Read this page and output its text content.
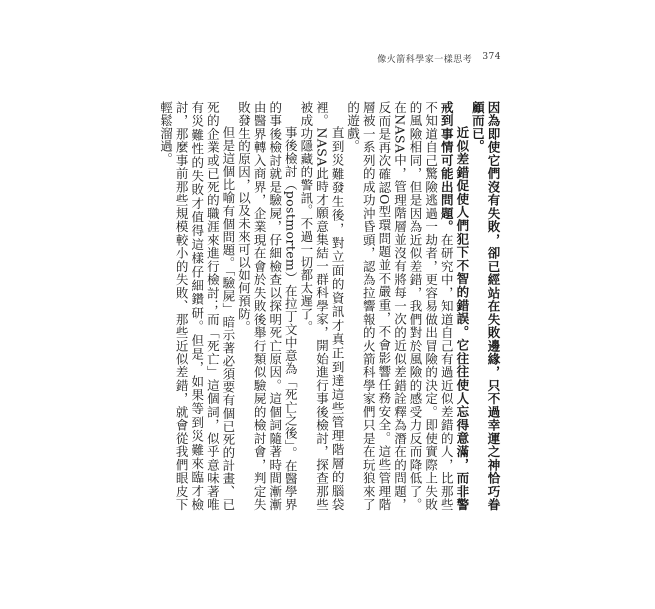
像火箭科學家一樣思考 374

因為即使它們沒有失敗，卻已經站在失敗邊緣，只不過幸運之神恰巧眷顧而已。

近似差錯促使人們犯下不智的錯誤。它往往使人忘得意滿，而非警戒到事情可能出問題。在研究中，知道自己有過近似差錯的人，比那些不知道自己驚險逃過一劫者，更容易做出冒險的決定。即使實際上失敗的風險相同，但是因為近似差錯，我們對於風險的感受力反而降低了。在NASA中，管理階層並沒有將每一次的近似差錯詮釋為潛在的問題，反而是再次確認O型環問題並不嚴重，不會影響任務安全。這些管理階層被一系列的成功沖昏頭，認為拉響報的火箭科學家們只是在玩狼來了的遊戲。

直到災難發生後，對立面的資訊才真正到達這些管理階層的腦袋裡。NASA此時才願意集結一群科學家，開始進行事後檢討，探查那些被成功隱藏的警訊。不過一切都太遲了。

事後檢討（postmortem）在拉丁文中意為「死亡之後」。在醫學界的事後檢討就是驗屍，仔細檢查以探明死亡原因。這個詞隨著時間漸漸由醫界轉入商界，企業現在會於失敗後舉行類似驗屍的檢討會，判定失敗發生的原因，以及未來可以如何預防。

但是這個比喻有個問題。「驗屍」暗示著必須要有個已死的計畫、已死的企業或已死的職涯來進行檢討；而「死亡」這個詞，似乎意味著唯有災難性的失敗才值得這樣仔細鑽研。但是，如果等到災難來臨才檢討，那麼事前那些規模較小的失敗、那些近似差錯，就會從我們眼皮下輕鬆溜過。
